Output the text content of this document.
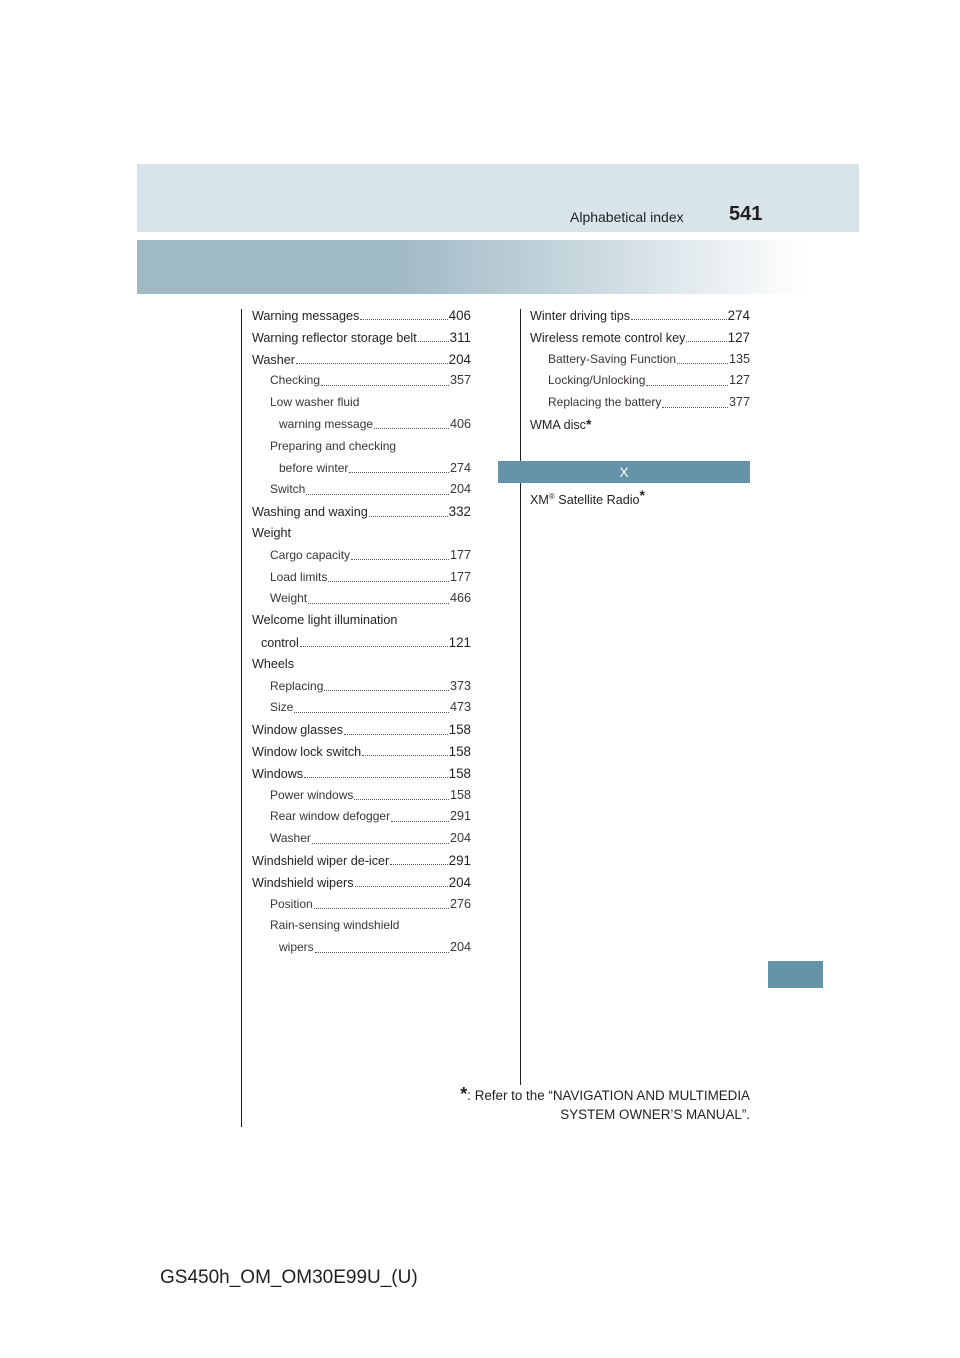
Alphabetical index 541
Warning messages	406
Warning reflector storage belt 311
Washer	204
Checking	357
Low washer fluid
warning message	406
Preparing and checking
before winter	274
Switch	204
Washing and waxing	332
Weight
Cargo capacity	177
Load limits	177
Weight	466
Welcome light illumination
control	121
Wheels
Replacing	373
Size	473
Window glasses	158
Window lock switch	158
Windows	158
Power windows	158
Rear window defogger	291
Washer	204
Windshield wiper de-icer	291
Windshield wipers	204
Position	276
Rain-sensing windshield
wipers	204
Winter driving tips	274
Wireless remote control key	127
Battery-Saving Function	135
Locking/Unlocking	127
Replacing the battery	377
WMA disc *
X
XM® Satellite Radio*
*: Refer to the “NAVIGATION AND MULTIMEDIA
SYSTEM OWNER’S MANUAL”.
GS450h_OM_OM30E99U_(U)
